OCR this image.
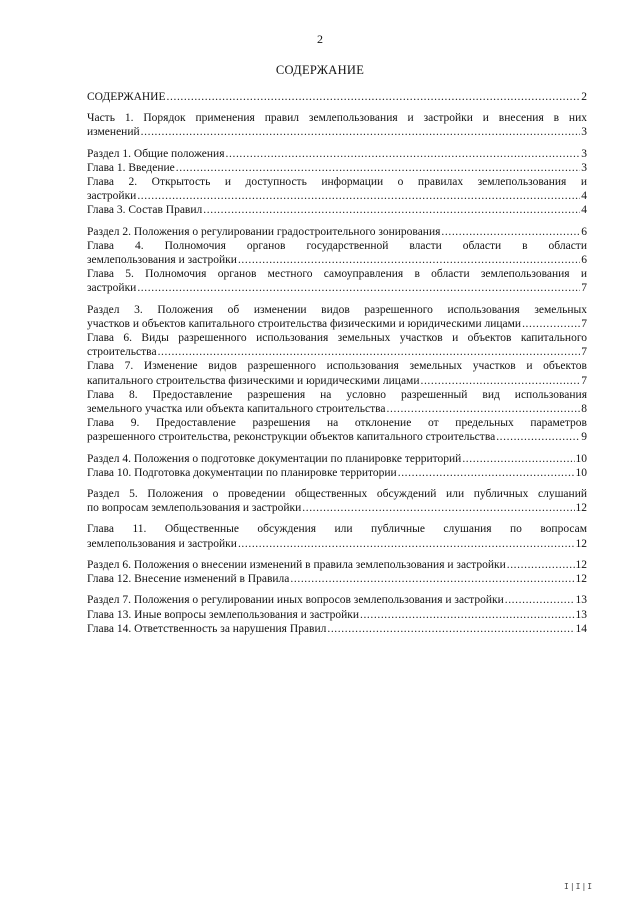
2
СОДЕРЖАНИЕ
СОДЕРЖАНИЕ .....	2
Часть 1. Порядок применения правил землепользования и застройки и внесения в них
изменений .....	3
Раздел 1. Общие положения .....	3
Глава 1. Введение .....	3
Глава 2. Открытость и доступность информации о правилах землепользования и
застройки .....	4
Глава 3. Состав Правил .....	4
Раздел 2. Положения о регулировании градостроительного зонирования .....	6
Глава 4. Полномочия органов государственной власти области в области
землепользования и застройки .....	6
Глава 5. Полномочия органов местного самоуправления в области землепользования и
застройки .....	7
Раздел 3. Положения об изменении видов разрешенного использования земельных
участков и объектов капитального строительства физическими и юридическими лицами .....	7
Глава 6. Виды разрешенного использования земельных участков и объектов капитального
строительства .....	7
Глава 7. Изменение видов разрешенного использования земельных участков и объектов
капитального строительства физическими и юридическими лицами .....	7
Глава 8. Предоставление разрешения на условно разрешенный вид использования
земельного участка или объекта капитального строительства .....	8
Глава 9. Предоставление разрешения на отклонение от предельных параметров
разрешенного строительства, реконструкции объектов капитального строительства .....	9
Раздел 4. Положения о подготовке документации по планировке территорий .....	10
Глава 10. Подготовка документации по планировке территории .....	10
Раздел 5. Положения о проведении общественных обсуждений или публичных слушаний
по вопросам землепользования и застройки .....	12
Глава 11. Общественные обсуждения или публичные слушания по вопросам
землепользования и застройки .....	12
Раздел 6. Положения о внесении изменений в правила землепользования и застройки .....	12
Глава 12. Внесение изменений в Правила .....	12
Раздел 7. Положения о регулировании иных вопросов землепользования и застройки .....	13
Глава 13. Иные вопросы землепользования и застройки .....	13
Глава 14. Ответственность за нарушения Правил .....	14
I|I|I
